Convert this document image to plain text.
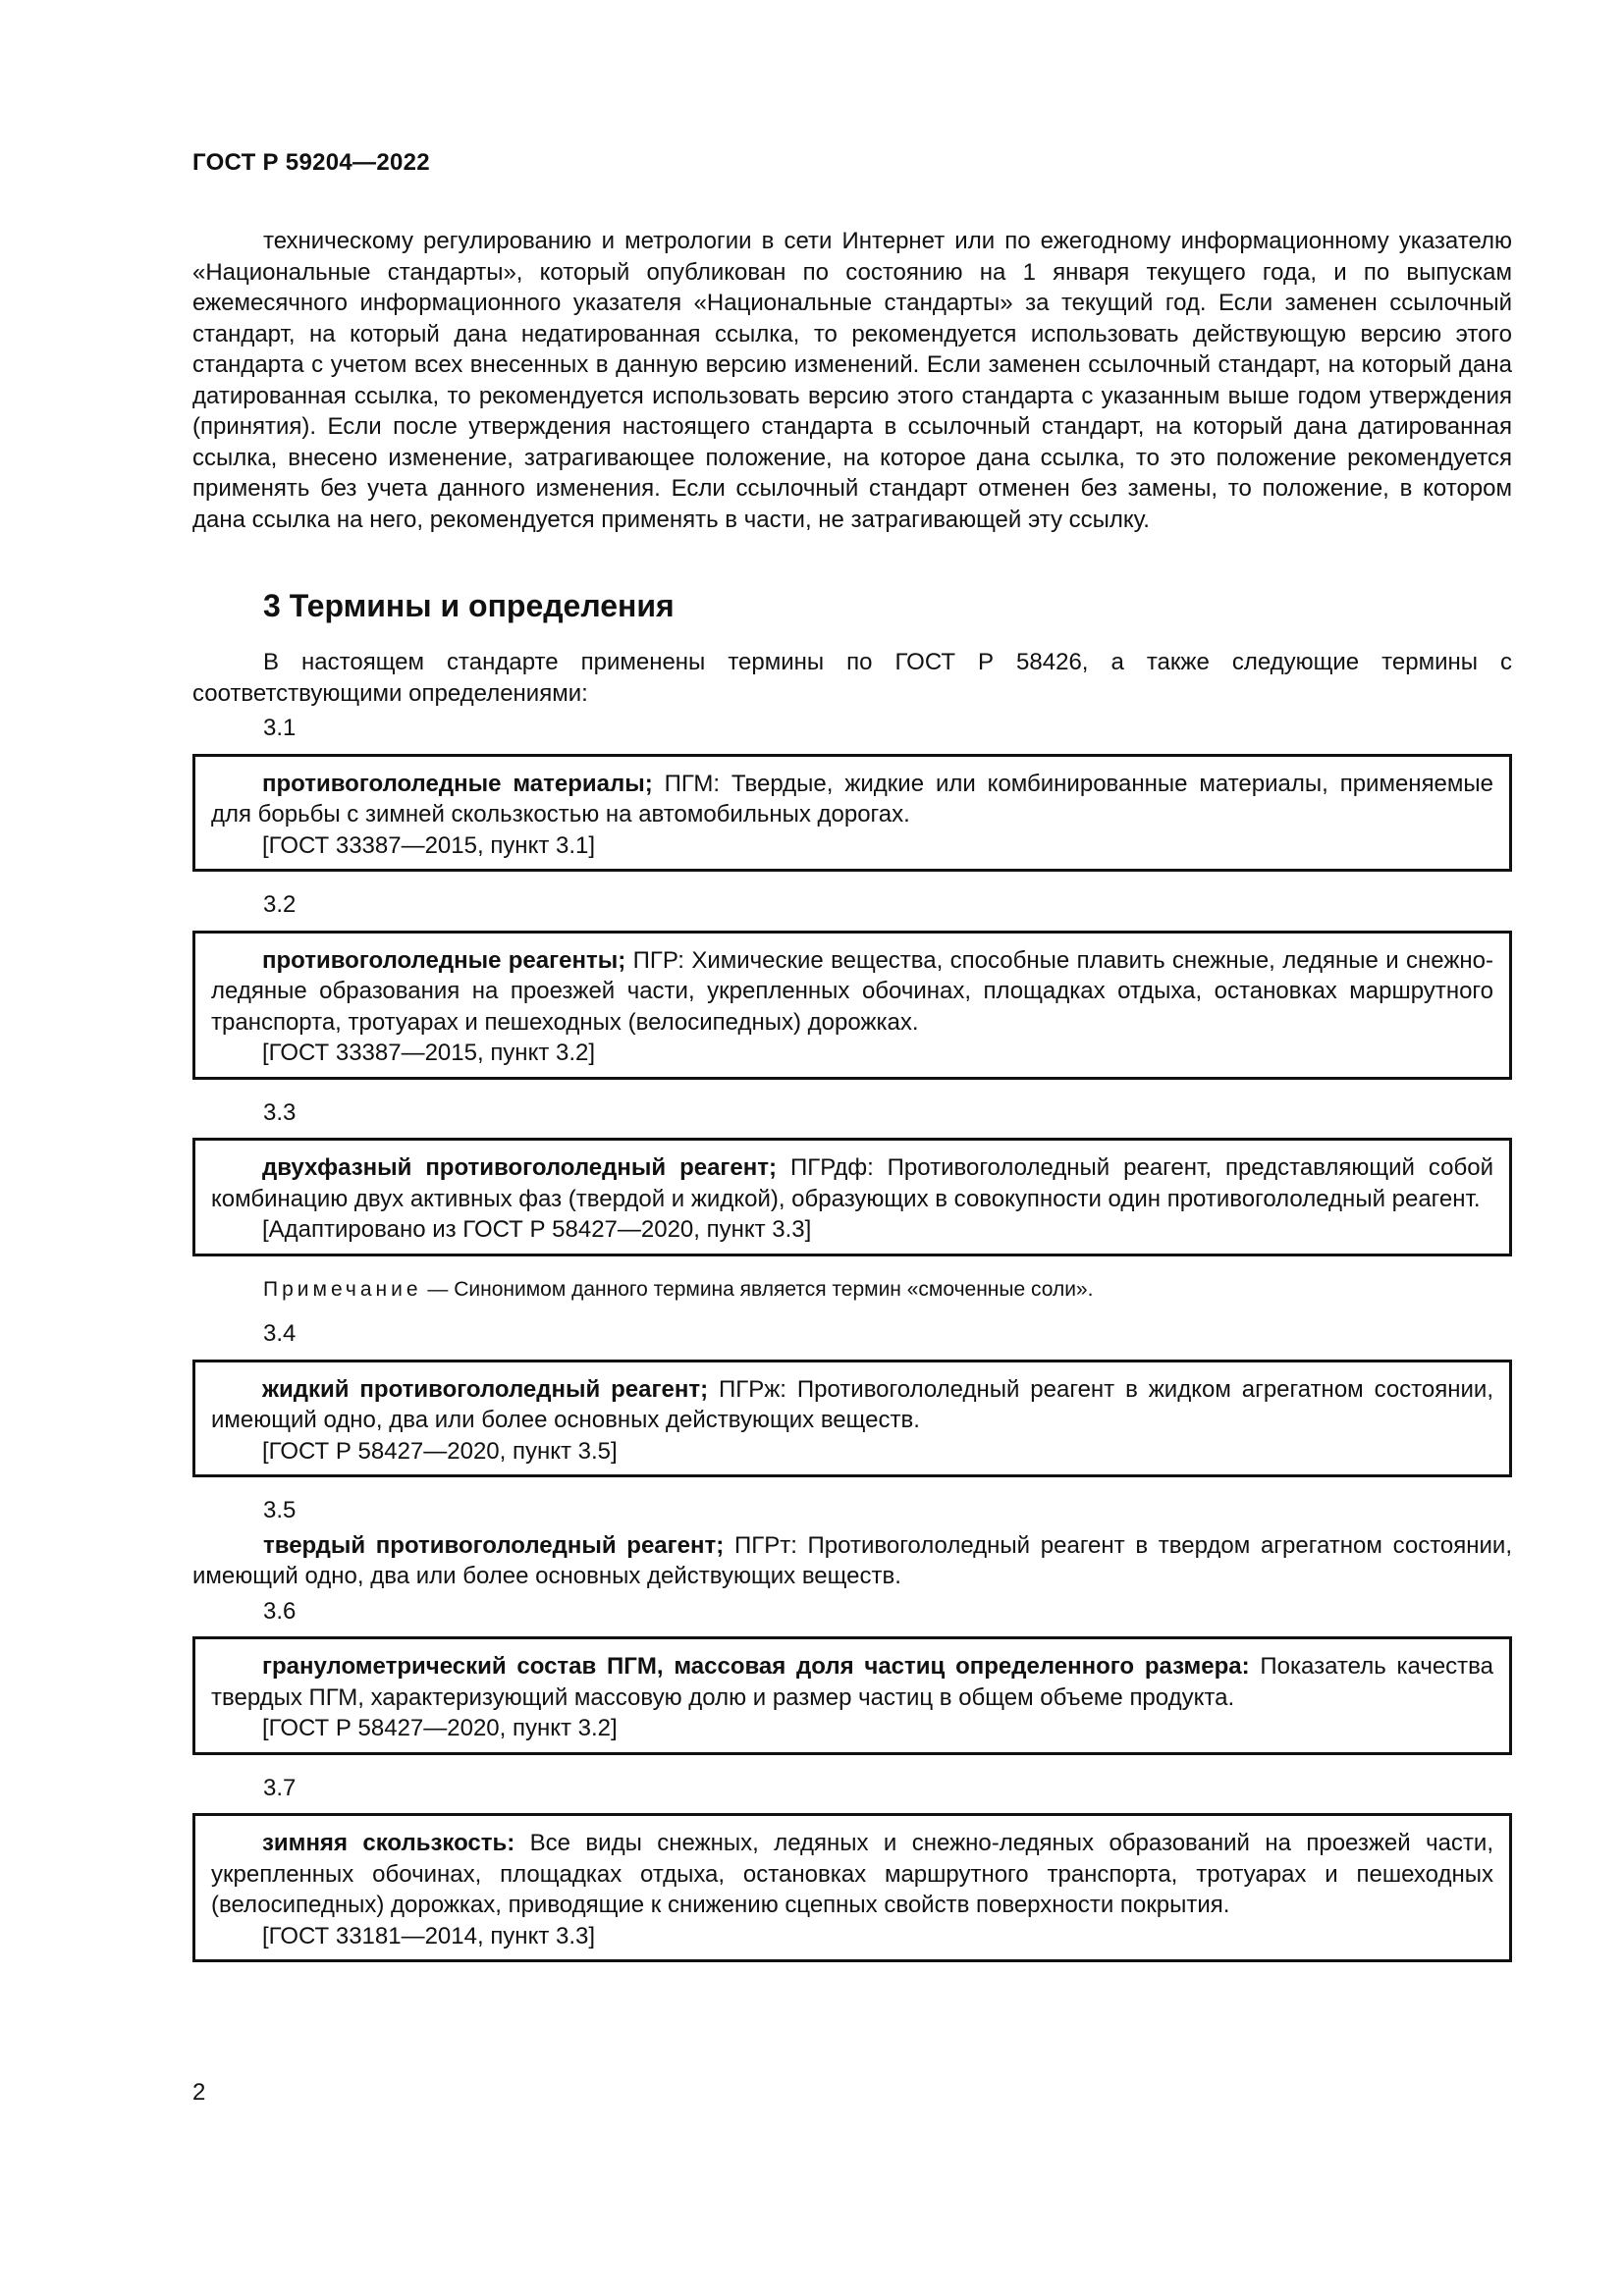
ГОСТ Р 59204—2022

техническому регулированию и метрологии в сети Интернет или по ежегодному информационному указателю «Национальные стандарты», который опубликован по состоянию на 1 января текущего года, и по выпускам ежемесячного информационного указателя «Национальные стандарты» за текущий год. Если заменен ссылочный стандарт, на который дана недатированная ссылка, то рекомендуется использовать действующую версию этого стандарта с учетом всех внесенных в данную версию изменений. Если заменен ссылочный стандарт, на который дана датированная ссылка, то рекомендуется использовать версию этого стандарта с указанным выше годом утверждения (принятия). Если после утверждения настоящего стандарта в ссылочный стандарт, на который дана датированная ссылка, внесено изменение, затрагивающее положение, на которое дана ссылка, то это положение рекомендуется применять без учета данного изменения. Если ссылочный стандарт отменен без замены, то положение, в котором дана ссылка на него, рекомендуется применять в части, не затрагивающей эту ссылку.

3 Термины и определения

В настоящем стандарте применены термины по ГОСТ Р 58426, а также следующие термины с соответствующими определениями:

3.1

противогололедные материалы; ПГМ: Твердые, жидкие или комбинированные материалы, применяемые для борьбы с зимней скользкостью на автомобильных дорогах.

[ГОСТ 33387—2015, пункт 3.1]

3.2

противогололедные реагенты; ПГР: Химические вещества, способные плавить снежные, ледяные и снежно-ледяные образования на проезжей части, укрепленных обочинах, площадках отдыха, остановках маршрутного транспорта, тротуарах и пешеходных (велосипедных) дорожках.

[ГОСТ 33387—2015, пункт 3.2]

3.3

двухфазный противогололедный реагент; ПГРдф: Противогололедный реагент, представляющий собой комбинацию двух активных фаз (твердой и жидкой), образующих в совокупности один противогололедный реагент.

[Адаптировано из ГОСТ Р 58427—2020, пункт 3.3]

Примечание — Синонимом данного термина является термин «смоченные соли».
3.4

жидкий противогололедный реагент; ПГРж: Противогололедный реагент в жидком агрегатном состоянии, имеющий одно, два или более основных действующих веществ.

[ГОСТ Р 58427—2020, пункт 3.5]

3.5

твердый противогололедный реагент; ПГРт: Противогололедный реагент в твердом агрегатном состоянии, имеющий одно, два или более основных действующих веществ.

3.6

гранулометрический состав ПГМ, массовая доля частиц определенного размера: Показатель качества твердых ПГМ, характеризующий массовую долю и размер частиц в общем объеме продукта.

[ГОСТ Р 58427—2020, пункт 3.2]

3.7

зимняя скользкость: Все виды снежных, ледяных и снежно-ледяных образований на проезжей части, укрепленных обочинах, площадках отдыха, остановках маршрутного транспорта, тротуарах и пешеходных (велосипедных) дорожках, приводящие к снижению сцепных свойств поверхности покрытия.

[ГОСТ 33181—2014, пункт 3.3]

2
